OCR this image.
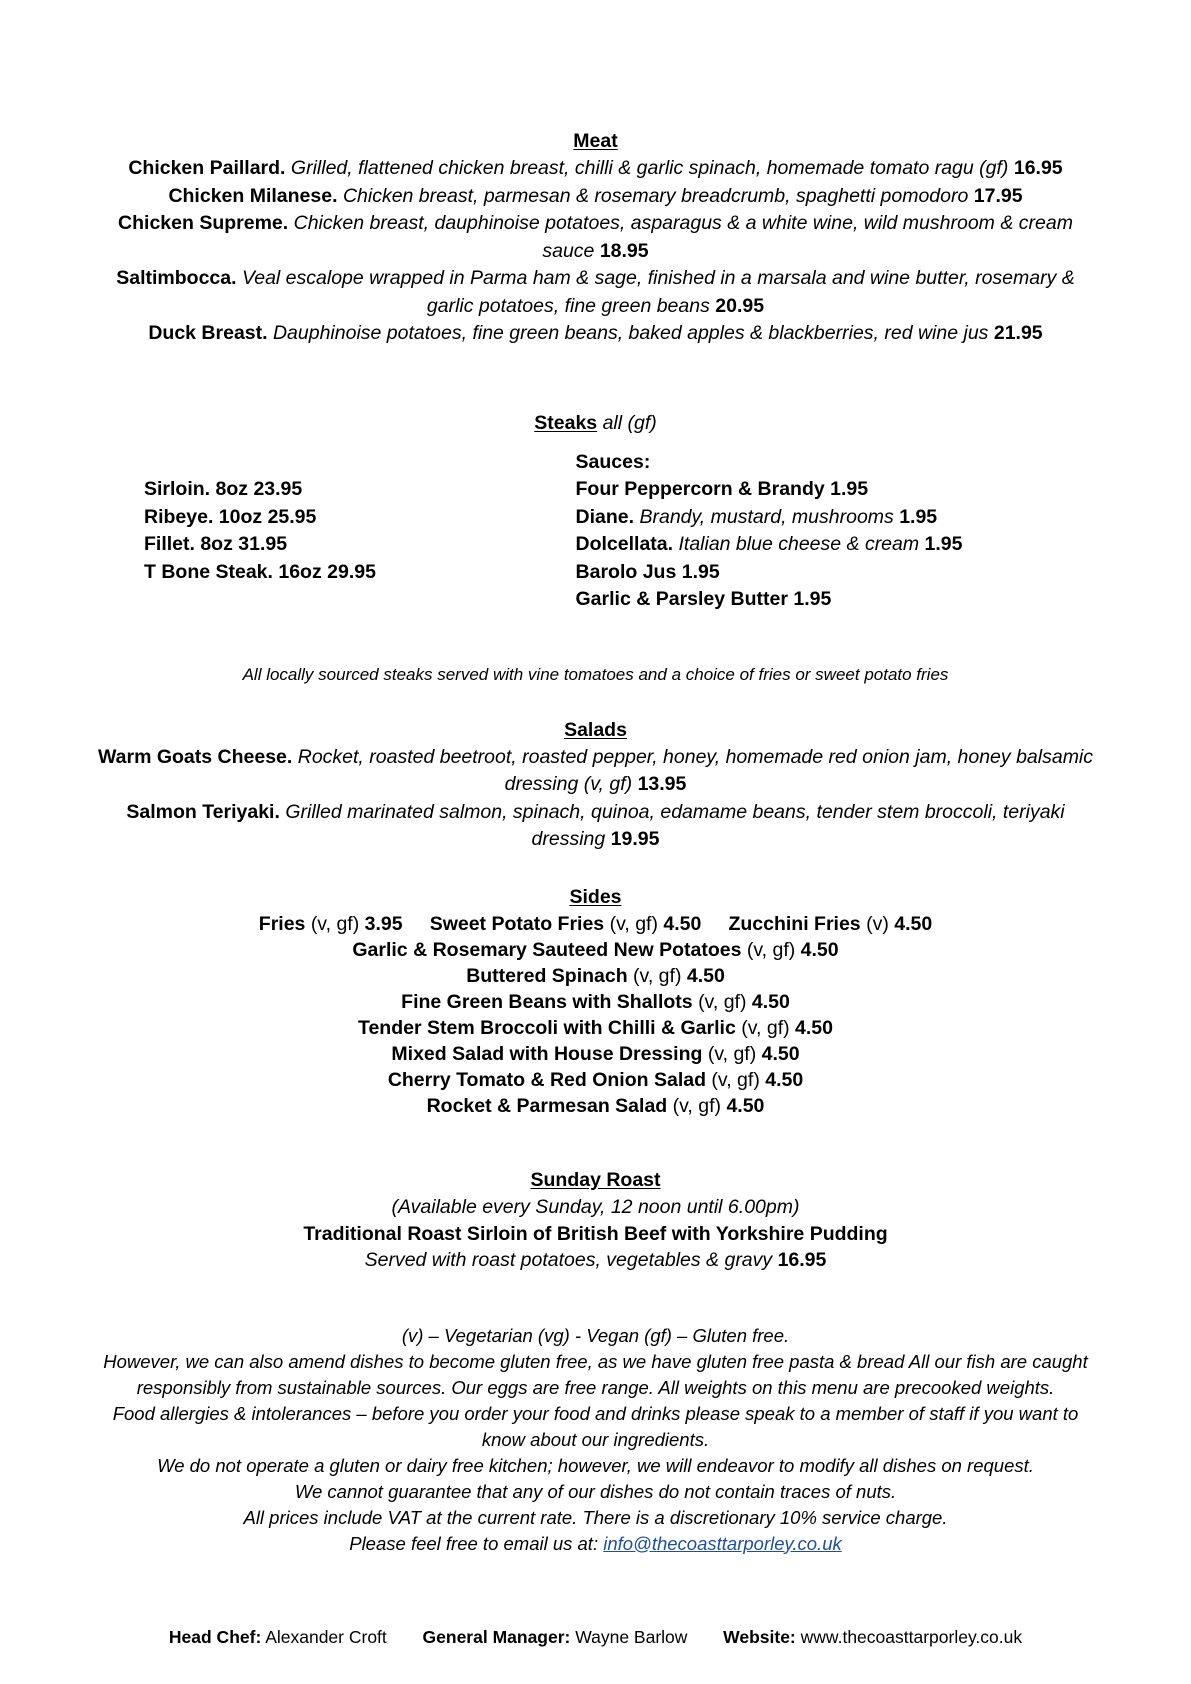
Meat

Chicken Paillard. Grilled, flattened chicken breast, chilli & garlic spinach, homemade tomato ragu (gf) 16.95

Chicken Milanese. Chicken breast, parmesan & rosemary breadcrumb, spaghetti pomodoro 17.95

Chicken Supreme. Chicken breast, dauphinoise potatoes, asparagus & a white wine, wild mushroom & cream sauce 18.95

Saltimbocca. Veal escalope wrapped in Parma ham & sage, finished in a marsala and wine butter, rosemary & garlic potatoes, fine green beans 20.95

Duck Breast. Dauphinoise potatoes, fine green beans, baked apples & blackberries, red wine jus 21.95

Steaks all (gf)

Sirloin. 8oz 23.95
Ribeye. 10oz 25.95
Fillet. 8oz 31.95
T Bone Steak. 16oz 29.95
Sauces:
Four Peppercorn & Brandy 1.95
Diane. Brandy, mustard, mushrooms 1.95
Dolcellata. Italian blue cheese & cream 1.95
Barolo Jus 1.95
Garlic & Parsley Butter 1.95

All locally sourced steaks served with vine tomatoes and a choice of fries or sweet potato fries

Salads

Warm Goats Cheese. Rocket, roasted beetroot, roasted pepper, honey, homemade red onion jam, honey balsamic dressing (v, gf) 13.95

Salmon Teriyaki. Grilled marinated salmon, spinach, quinoa, edamame beans, tender stem broccoli, teriyaki dressing 19.95

Sides

Fries (v, gf) 3.95 Sweet Potato Fries (v, gf) 4.50 Zucchini Fries (v) 4.50

Garlic & Rosemary Sauteed New Potatoes (v, gf) 4.50

Buttered Spinach (v, gf) 4.50

Fine Green Beans with Shallots (v, gf) 4.50

Tender Stem Broccoli with Chilli & Garlic (v, gf) 4.50

Mixed Salad with House Dressing (v, gf) 4.50

Cherry Tomato & Red Onion Salad (v, gf) 4.50

Rocket & Parmesan Salad (v, gf) 4.50

Sunday Roast

(Available every Sunday, 12 noon until 6.00pm)

Traditional Roast Sirloin of British Beef with Yorkshire Pudding

Served with roast potatoes, vegetables & gravy 16.95

(v) – Vegetarian (vg) - Vegan (gf) – Gluten free.

However, we can also amend dishes to become gluten free, as we have gluten free pasta & bread All our fish are caught responsibly from sustainable sources. Our eggs are free range. All weights on this menu are precooked weights.

Food allergies & intolerances – before you order your food and drinks please speak to a member of staff if you want to know about our ingredients.

We do not operate a gluten or dairy free kitchen; however, we will endeavor to modify all dishes on request.

We cannot guarantee that any of our dishes do not contain traces of nuts.

All prices include VAT at the current rate. There is a discretionary 10% service charge.

Please feel free to email us at: info@thecoasttarporley.co.uk

Head Chef: Alexander Croft General Manager: Wayne Barlow Website: www.thecoasttarporley.co.uk
